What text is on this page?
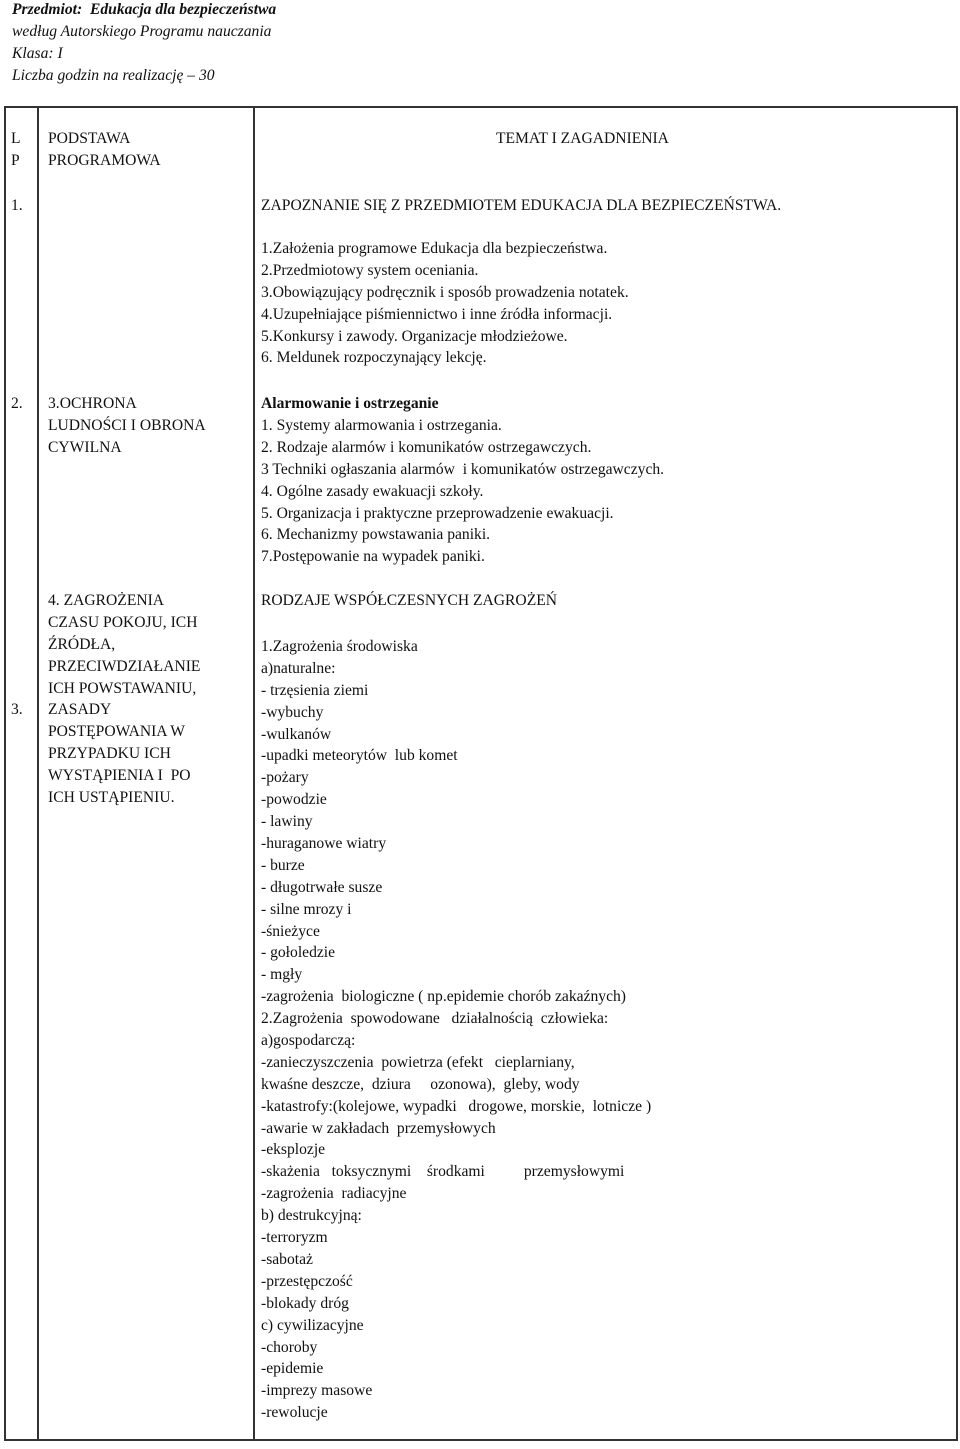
Przedmiot: Edukacja dla bezpieczeństwa
według Autorskiego Programu nauczania
Klasa: I
Liczba godzin na realizację – 30
L
P
PODSTAWA
PROGRAMOWA
TEMAT I ZAGADNIENIA
1.	ZAPOZNANIE SIĘ Z PRZEDMIOTEM EDUKACJA DLA BEZPIECZEŃSTWA.
1.Założenia programowe Edukacja dla bezpieczeństwa.
2.Przedmiotowy system oceniania.
3.Obowiązujący podręcznik i sposób prowadzenia notatek.
4.Uzupełniające piśmiennictwo i inne źródła informacji.
5.Konkursy i zawody. Organizacje młodzieżowe.
6. Meldunek rozpoczynający lekcję.
2. 3.OCHRONA
LUDNOŚCI I OBRONA
CYWILNA
Alarmowanie i ostrzeganie
1. Systemy alarmowania i ostrzegania.
2. Rodzaje alarmów i komunikatów ostrzegawczych.
3 Techniki ogłaszania alarmów  i komunikatów ostrzegawczych.
4. Ogólne zasady ewakuacji szkoły.
5. Organizacja i praktyczne przeprowadzenie ewakuacji.
6. Mechanizmy powstawania paniki.
7.Postępowanie na wypadek paniki.
3.
4. ZAGROŻENIA
CZASU POKOJU, ICH
ŹRÓDŁA,
PRZECIWDZIAŁANIE
ICH POWSTAWANIU,
ZASADY
POSTĘPOWANIA W
PRZYPADKU ICH
WYSTĄPIENIA I  PO
ICH USTĄPIENIU.
RODZAJE WSPÓŁCZESNYCH ZAGROŻEŃ
1.Zagrożenia środowiska
a)naturalne:
- trzęsienia ziemi
-wybuchy
-wulkanów
-upadki meteorytów  lub komet
-pożary
-powodzie
- lawiny
-huraganowe wiatry
- burze
- długotrwałe susze
- silne mrozy i
-śnieżyce
- gołoledzie
- mgły
-zagrożenia  biologiczne ( np.epidemie chorób zakaźnych)
2.Zagrożenia  spowodowane   działalnością  człowieka:
a)gospodarczą:
-zanieczyszczenia  powietrza (efekt   cieplarniany,
kwaśne deszcze,  dziura     ozonowa),  gleby, wody
-katastrofy:(kolejowe, wypadki   drogowe, morskie,  lotnicze )
-awarie w zakładach  przemysłowych
-eksplozje
-skażenia   toksycznymi    środkami          przemysłowymi
-zagrożenia  radiacyjne
b) destrukcyjną:
-terroryzm
-sabotaż
-przestępczość
-blokady dróg
c) cywilizacyjne
-choroby
-epidemie
-imprezy masowe
-rewolucje
